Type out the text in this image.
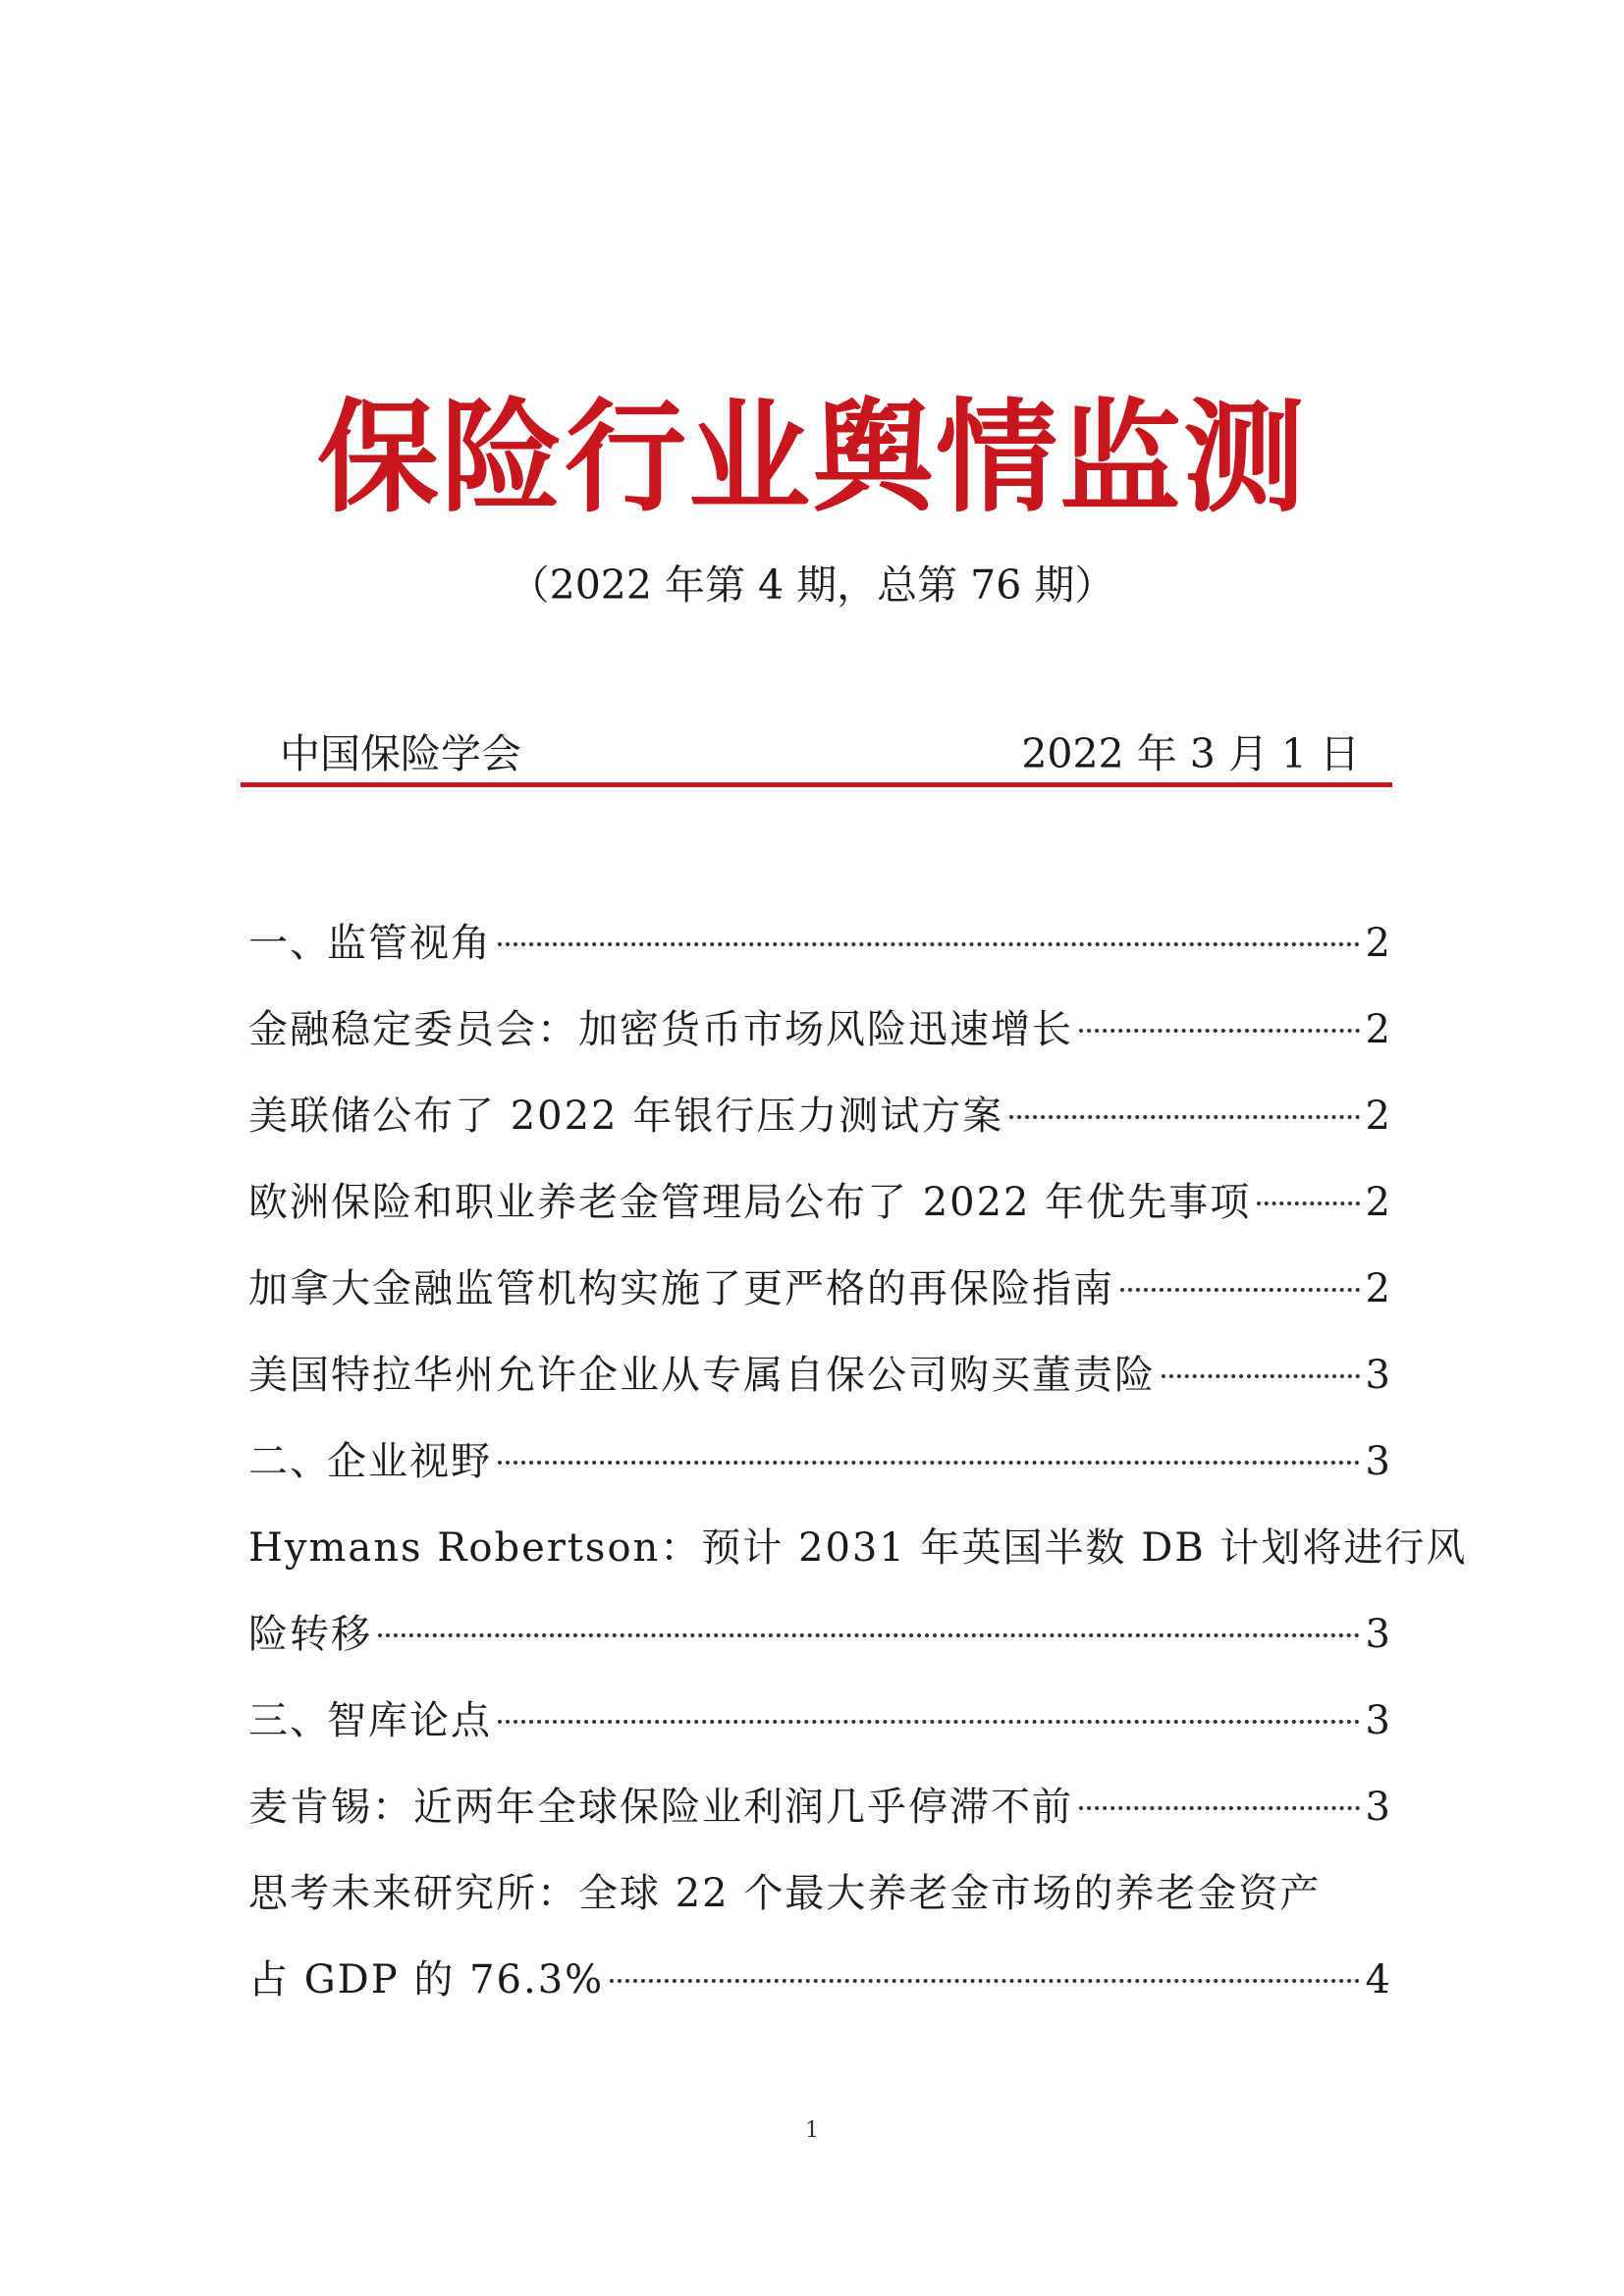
保险行业舆情监测
（2022 年第 4 期，总第 76 期）
中国保险学会	2022 年 3 月 1 日
一、监管视角	2
金融稳定委员会：加密货币市场风险迅速增长	2
美联储公布了 2022 年银行压力测试方案	2
欧洲保险和职业养老金管理局公布了 2022 年优先事项	2
加拿大金融监管机构实施了更严格的再保险指南	2
美国特拉华州允许企业从专属自保公司购买董责险	3
二、企业视野	3
Hymans Robertson：预计 2031 年英国半数 DB 计划将进行风
险转移	3
三、智库论点	3
麦肯锡：近两年全球保险业利润几乎停滞不前	3
思考未来研究所：全球 22 个最大养老金市场的养老金资产
占 GDP 的 76.3%	4
1
